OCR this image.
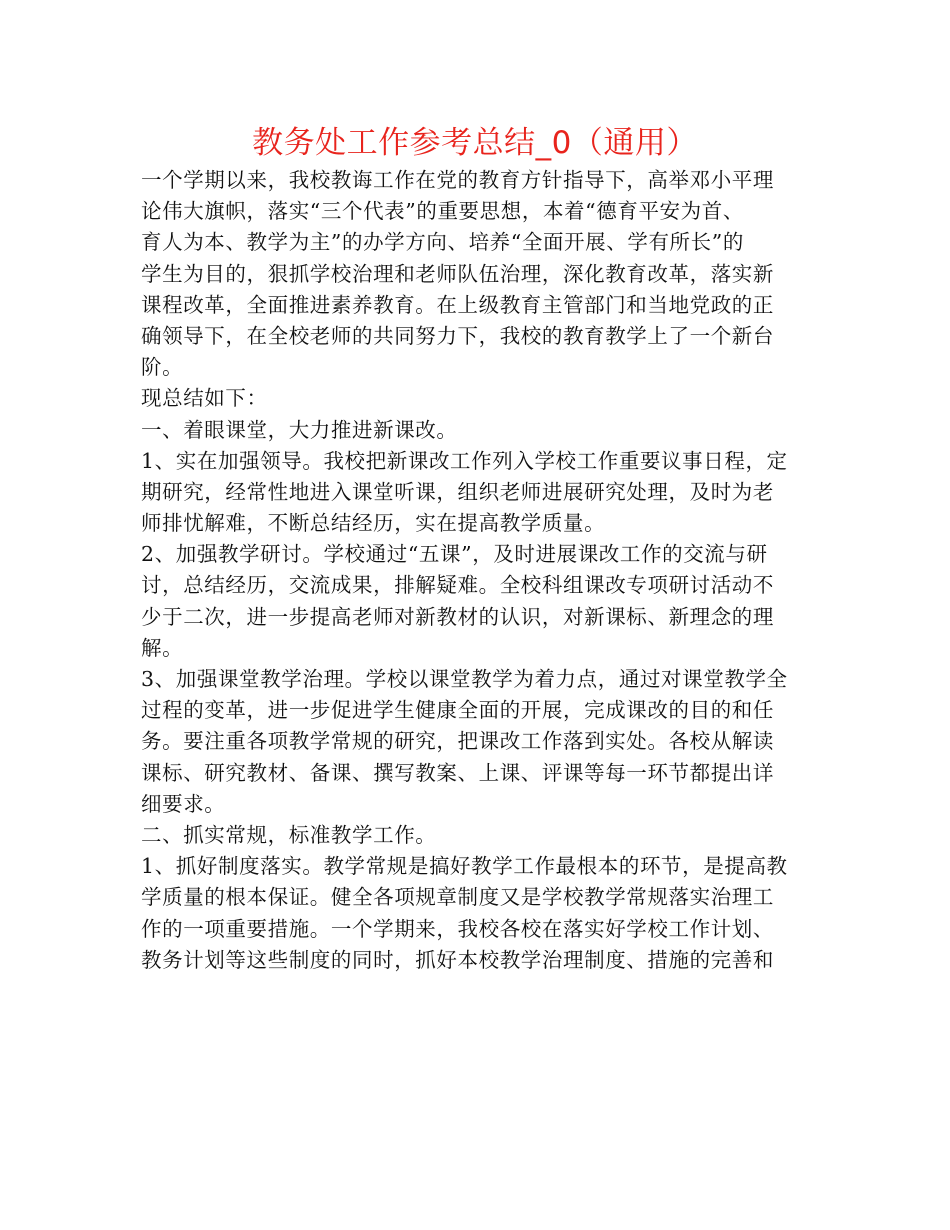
教务处工作参考总结_0（通用）
一个学期以来，我校教诲工作在党的教育方针指导下，高举邓小平理
论伟大旗帜，落实“三个代表”的重要思想，本着“德育平安为首、
育人为本、教学为主”的办学方向、培养“全面开展、学有所长”的
学生为目的，狠抓学校治理和老师队伍治理，深化教育改革，落实新
课程改革，全面推进素养教育。在上级教育主管部门和当地党政的正
确领导下，在全校老师的共同努力下，我校的教育教学上了一个新台
阶。
现总结如下：
一、着眼课堂，大力推进新课改。
1、实在加强领导。我校把新课改工作列入学校工作重要议事日程，定
期研究，经常性地进入课堂听课，组织老师进展研究处理，及时为老
师排忧解难，不断总结经历，实在提高教学质量。
2、加强教学研讨。学校通过“五课”，及时进展课改工作的交流与研
讨，总结经历，交流成果，排解疑难。全校科组课改专项研讨活动不
少于二次，进一步提高老师对新教材的认识，对新课标、新理念的理
解。
3、加强课堂教学治理。学校以课堂教学为着力点，通过对课堂教学全
过程的变革，进一步促进学生健康全面的开展，完成课改的目的和任
务。要注重各项教学常规的研究，把课改工作落到实处。各校从解读
课标、研究教材、备课、撰写教案、上课、评课等每一环节都提出详
细要求。
二、抓实常规，标准教学工作。
1、抓好制度落实。教学常规是搞好教学工作最根本的环节，是提高教
学质量的根本保证。健全各项规章制度又是学校教学常规落实治理工
作的一项重要措施。一个学期来，我校各校在落实好学校工作计划、
教务计划等这些制度的同时，抓好本校教学治理制度、措施的完善和
